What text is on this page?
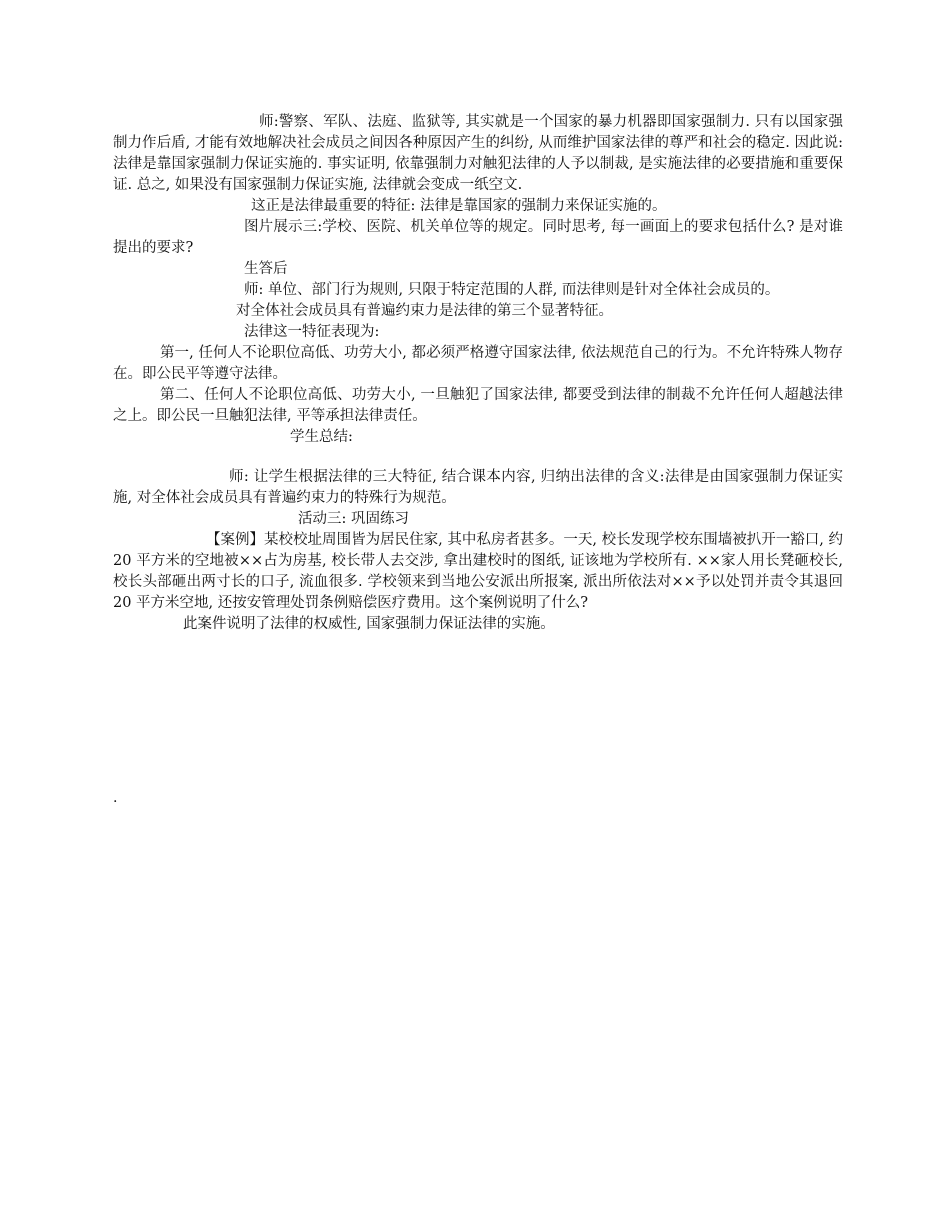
师:警察、军队、法庭、监狱等, 其实就是一个国家的暴力机器即国家强制力. 只有以国家强制力作后盾, 才能有效地解决社会成员之间因各种原因产生的纠纷, 从而维护国家法律的尊严和社会的稳定. 因此说:法律是靠国家强制力保证实施的. 事实证明, 依靠强制力对触犯法律的人予以制裁, 是实施法律的必要措施和重要保证. 总之, 如果没有国家强制力保证实施, 法律就会变成一纸空文.

这正是法律最重要的特征: 法律是靠国家的强制力来保证实施的。

图片展示三:学校、医院、机关单位等的规定。同时思考, 每一画面上的要求包括什么? 是对谁提出的要求?

生答后

师: 单位、部门行为规则, 只限于特定范围的人群, 而法律则是针对全体社会成员的。

对全体社会成员具有普遍约束力是法律的第三个显著特征。

法律这一特征表现为:

第一, 任何人不论职位高低、功劳大小, 都必须严格遵守国家法律, 依法规范自己的行为。不允许特殊人物存在。即公民平等遵守法律。

第二、任何人不论职位高低、功劳大小, 一旦触犯了国家法律, 都要受到法律的制裁不允许任何人超越法律之上。即公民一旦触犯法律, 平等承担法律责任。

学生总结:

师: 让学生根据法律的三大特征, 结合课本内容, 归纳出法律的含义:法律是由国家强制力保证实施, 对全体社会成员具有普遍约束力的特殊行为规范。

活动三: 巩固练习

【案例】某校校址周围皆为居民住家, 其中私房者甚多。一天, 校长发现学校东围墙被扒开一豁口, 约 20 平方米的空地被××占为房基, 校长带人去交涉, 拿出建校时的图纸, 证该地为学校所有. ××家人用长凳砸校长, 校长头部砸出两寸长的口子, 流血很多. 学校领来到当地公安派出所报案, 派出所依法对××予以处罚并责令其退回 20 平方米空地, 还按安管理处罚条例赔偿医疗费用。这个案例说明了什么?

此案件说明了法律的权威性, 国家强制力保证法律的实施。

.
